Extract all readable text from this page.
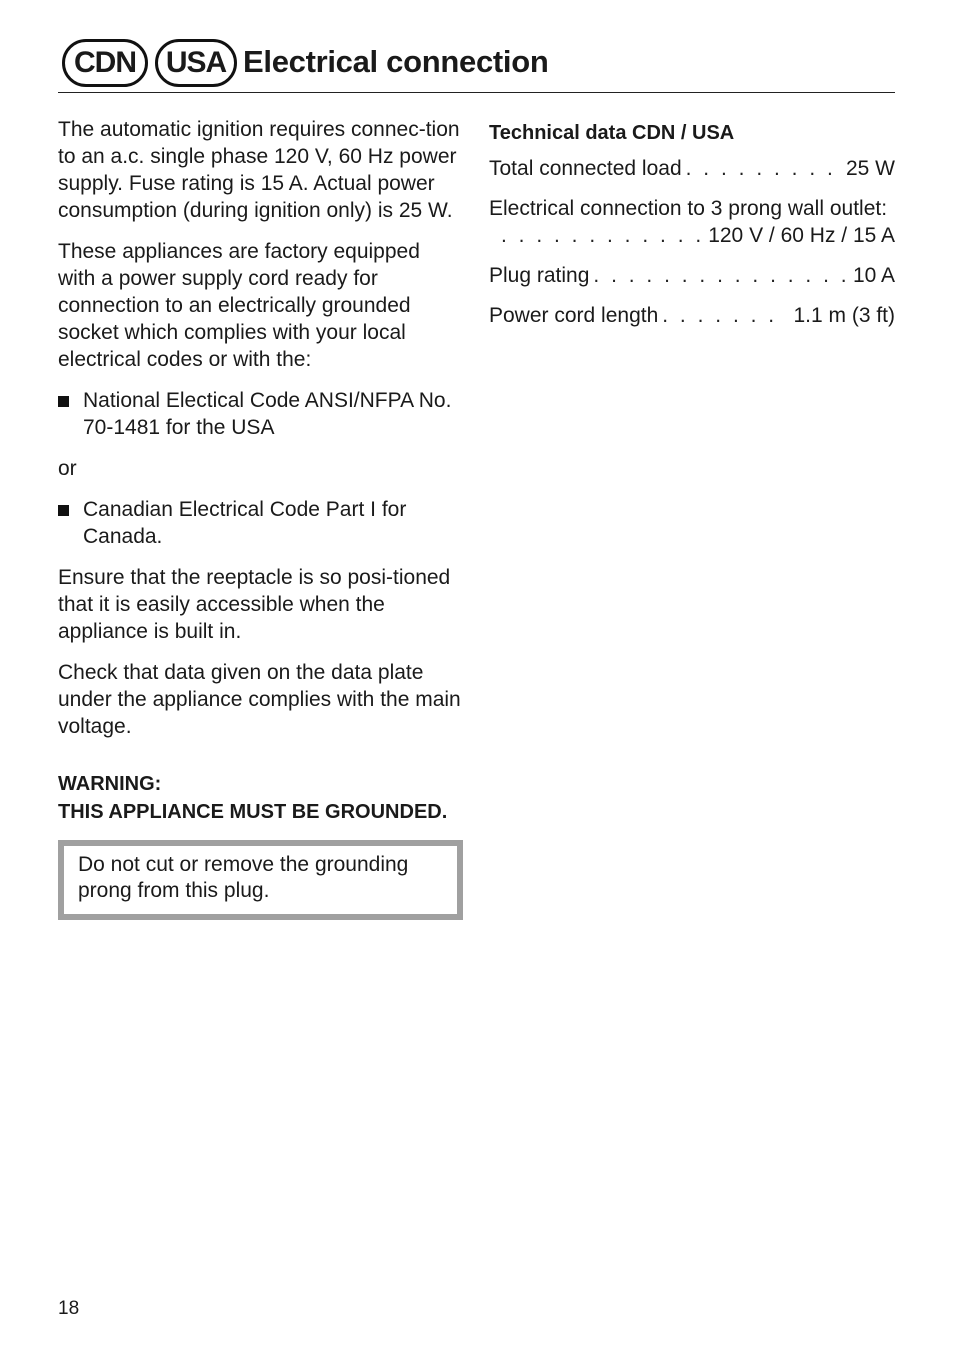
CDN USA Electrical connection

The automatic ignition requires connec-tion to an a.c. single phase 120 V, 60 Hz power supply. Fuse rating is 15 A. Actual power consumption (during ignition only) is 25 W.

These appliances are factory equipped with a power supply cord ready for connection to an electrically grounded socket which complies with your local electrical codes or with the:

National Electical Code ANSI/NFPA No. 70-1481 for the USA

or

Canadian Electrical Code Part I for Canada.

Ensure that the reeptacle is so posi-tioned that it is easily accessible when the appliance is built in.

Check that data given on the data plate under the appliance complies with the main voltage.

WARNING:
THIS APPLIANCE MUST BE GROUNDED.
Do not cut or remove the grounding prong from this plug.
Technical data CDN / USA
Total connected load . . .	25 W
Electrical connection to 3 prong wall outlet:
. . .
120 V / 60 Hz / 15 A
Plug rating . . .	10 A
Power cord length . . .	1.1 m (3 ft)
18
